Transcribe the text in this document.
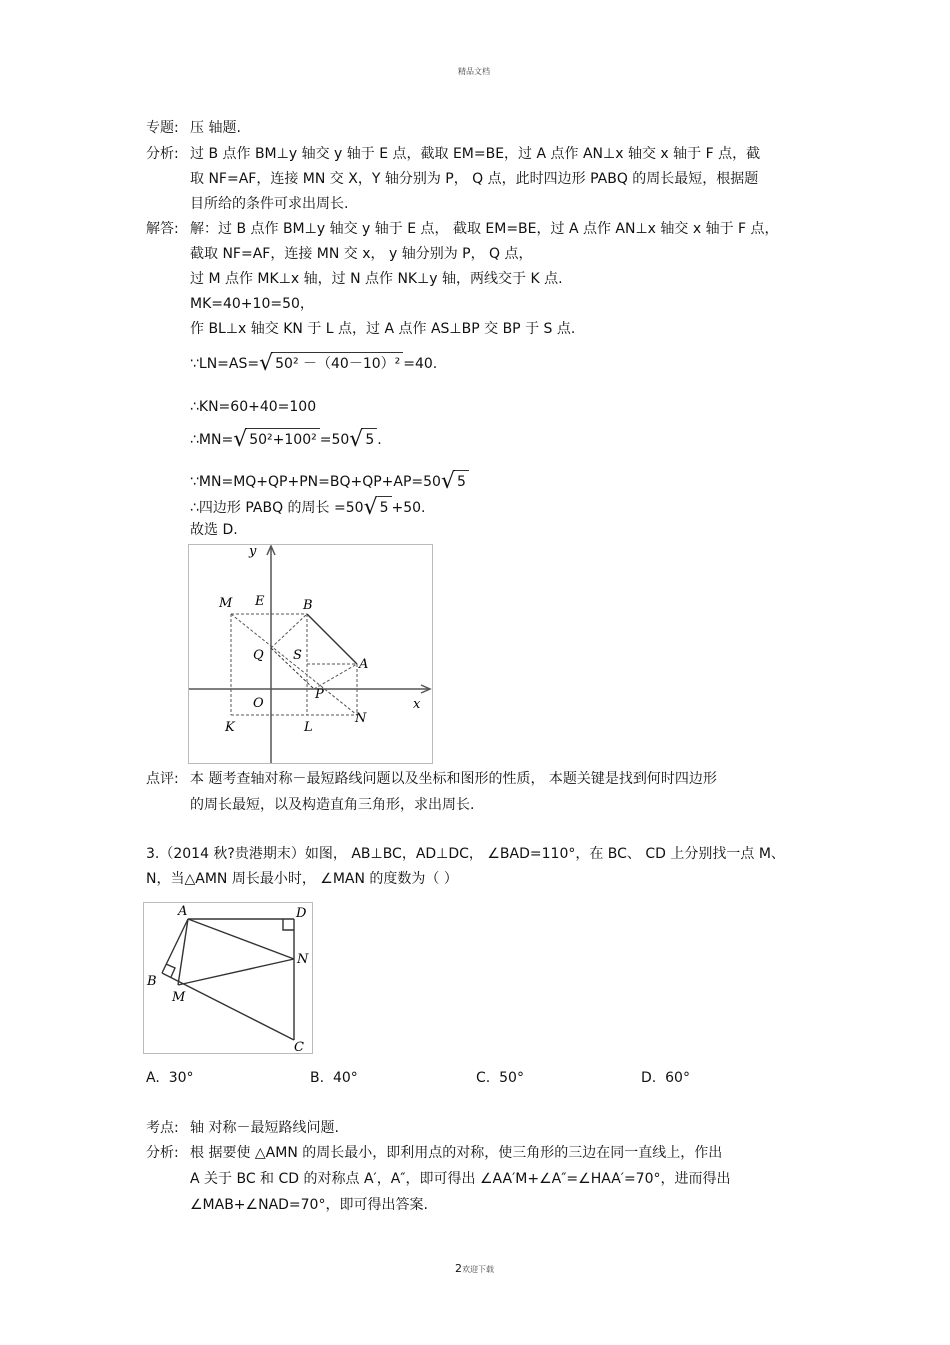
精品文档
专题: 压 轴题.
分析: 过 B 点作 BM⊥y 轴交 y 轴于 E 点，截取 EM=BE，过 A 点作 AN⊥x 轴交 x 轴于 F 点，截
取 NF=AF，连接 MN 交 X，Y 轴分别为 P， Q 点，此时四边形 PABQ 的周长最短，根据题
目所给的条件可求出周长.
解答: 解：过 B 点作 BM⊥y 轴交 y 轴于 E 点， 截取 EM=BE，过 A 点作 AN⊥x 轴交 x 轴于 F 点，
截取 NF=AF，连接 MN 交 x， y 轴分别为 P， Q 点，
过 M 点作 MK⊥x 轴，过 N 点作 NK⊥y 轴，两线交于 K 点.
MK=40+10=50，
作 BL⊥x 轴交 KN 于 L 点，过 A 点作 AS⊥BP 交 BP 于 S 点.
∵LN=AS=√ 50² －（40－10）² =40.
∴KN=60+40=100
∴MN=√ 50²+100² =50√ 5 .
∵MN=MQ+QP+PN=BQ+QP+AP=50√ 5
∴四边形 PABQ 的周长 =50√ 5 +50.
故选 D.
y
x
M E	B
Q S
A
O
P
N
K	L
点评: 本 题考查轴对称－最短路线问题以及坐标和图形的性质， 本题关键是找到何时四边形
的周长最短，以及构造直角三角形，求出周长.
3.（2014 秋?贵港期末）如图， AB⊥BC，AD⊥DC， ∠BAD=110°，在 BC、 CD 上分别找一点 M、
N，当△AMN 周长最小时， ∠MAN 的度数为（ ）
A	D
B
M
N
C
A. 30°	B. 40°	C. 50°	D. 60°
考点: 轴 对称－最短路线问题.
分析: 根 据要使 △AMN 的周长最小，即利用点的对称，使三角形的三边在同一直线上，作出
A 关于 BC 和 CD 的对称点 A′，A″，即可得出 ∠AA′M+∠A″=∠HAA′=70°，进而得出
∠MAB+∠NAD=70°，即可得出答案.
2欢迎下载
